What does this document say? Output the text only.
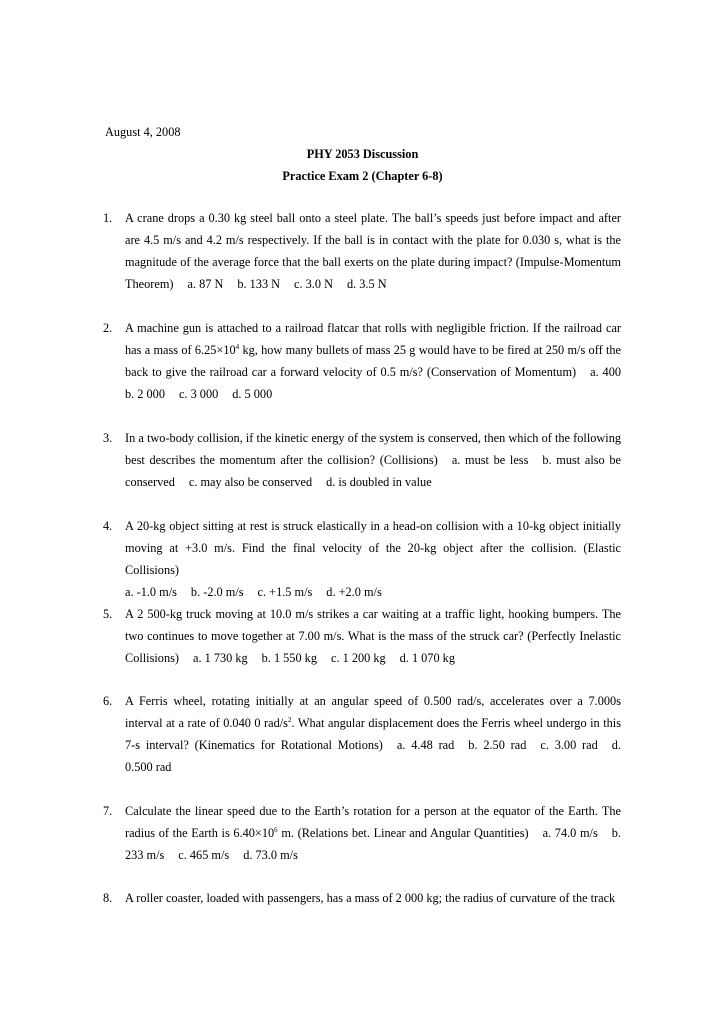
August 4, 2008
PHY 2053 Discussion
Practice Exam 2 (Chapter 6-8)
1. A crane drops a 0.30 kg steel ball onto a steel plate. The ball’s speeds just before impact and after are 4.5 m/s and 4.2 m/s respectively. If the ball is in contact with the plate for 0.030 s, what is the magnitude of the average force that the ball exerts on the plate during impact? (Impulse-Momentum Theorem) a. 87 N b. 133 N c. 3.0 N d. 3.5 N
2. A machine gun is attached to a railroad flatcar that rolls with negligible friction. If the railroad car has a mass of $6.25\times 10^4$ kg, how many bullets of mass 25 g would have to be fired at 250 m/s off the back to give the railroad car a forward velocity of 0.5 m/s? (Conservation of Momentum) a. 400 b. 2 000 c. 3 000 d. 5 000
3. In a two-body collision, if the kinetic energy of the system is conserved, then which of the following best describes the momentum after the collision? (Collisions) a. must be less b. must also be conserved c. may also be conserved d. is doubled in value
4. A 20-kg object sitting at rest is struck elastically in a head-on collision with a 10-kg object initially moving at +3.0 m/s. Find the final velocity of the 20-kg object after the collision. (Elastic Collisions)
a. -1.0 m/s b. -2.0 m/s c. +1.5 m/s d. +2.0 m/s
5. A 2 500-kg truck moving at 10.0 m/s strikes a car waiting at a traffic light, hooking bumpers. The two continues to move together at 7.00 m/s. What is the mass of the struck car? (Perfectly Inelastic Collisions) a. 1 730 kg b. 1 550 kg c. 1 200 kg d. 1 070 kg
6. A Ferris wheel, rotating initially at an angular speed of 0.500 rad/s, accelerates over a 7.000s interval at a rate of 0.040 0 rad/$s^2$. What angular displacement does the Ferris wheel undergo in this 7-s interval? (Kinematics for Rotational Motions) a. 4.48 rad b. 2.50 rad c. 3.00 rad d. 0.500 rad
7. Calculate the linear speed due to the Earth’s rotation for a person at the equator of the Earth. The radius of the Earth is $6.40\times 10^6$ m. (Relations bet. Linear and Angular Quantities) a. 74.0 m/s b. 233 m/s c. 465 m/s d. 73.0 m/s
8. A roller coaster, loaded with passengers, has a mass of 2 000 kg; the radius of curvature of the track
